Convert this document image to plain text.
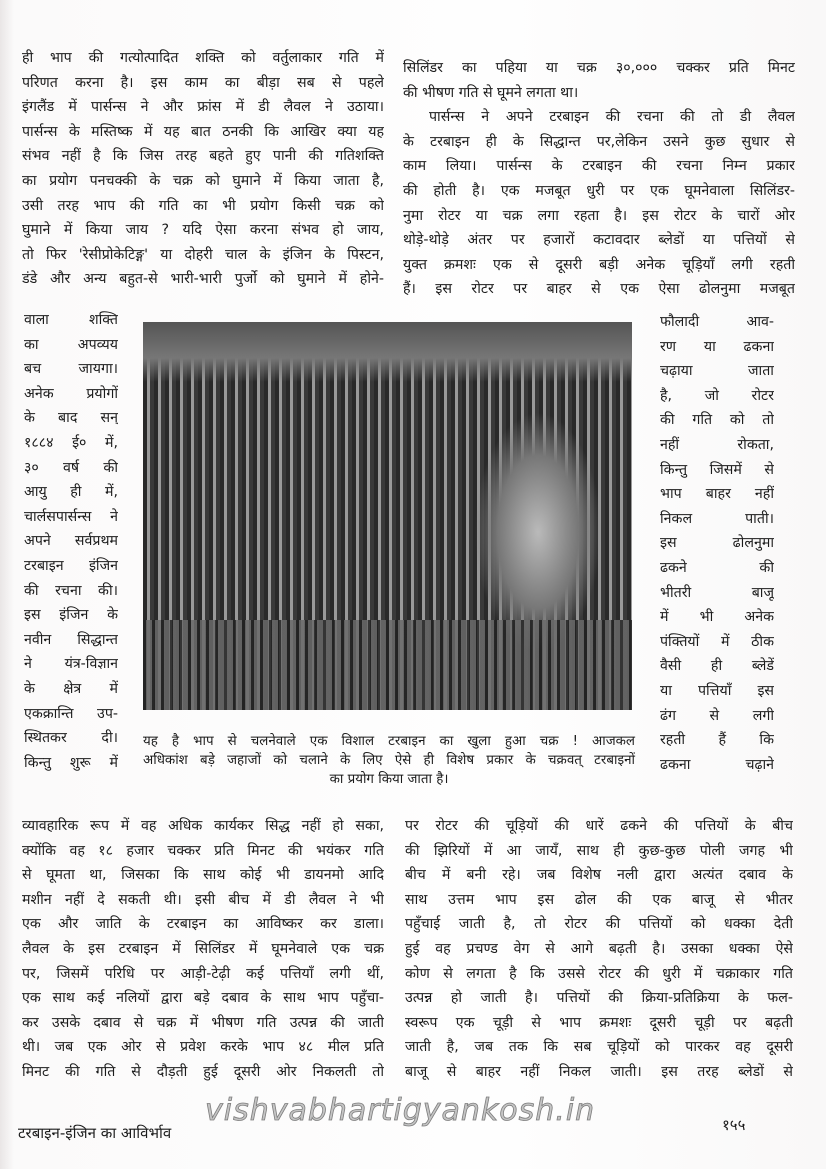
ही भाप की गत्योत्पादित शक्ति को वर्तुलाकार गति में
परिणत करना है। इस काम का बीड़ा सब से पहले
इंगलैंड में पार्सन्स ने और फ्रांस में डी लैवल ने उठाया।
पार्सन्स के मस्तिष्क में यह बात ठनकी कि आखिर क्या यह
संभव नहीं है कि जिस तरह बहते हुए पानी की गतिशक्ति
का प्रयोग पनचक्की के चक्र को घुमाने में किया जाता है,
उसी तरह भाप की गति का भी प्रयोग किसी चक्र को
घुमाने में किया जाय ? यदि ऐसा करना संभव हो जाय,
तो फिर 'रेसीप्रोकेटिङ्ग' या दोहरी चाल के इंजिन के पिस्टन,
डंडे और अन्य बहुत-से भारी-भारी पुर्जो को घुमाने में होने-
सिलिंडर का पहिया या चक्र ३०,००० चक्कर प्रति मिनट
की भीषण गति से घूमने लगता था।
पार्सन्स ने अपने टरबाइन की रचना की तो डी लैवल
के टरबाइन ही के सिद्धान्त पर,लेकिन उसने कुछ सुधार से
काम लिया। पार्सन्स के टरबाइन की रचना निम्न प्रकार
की होती है। एक मजबूत धुरी पर एक घूमनेवाला सिलिंडर-
नुमा रोटर या चक्र लगा रहता है। इस रोटर के चारों ओर
थोड़े-थोड़े अंतर पर हजारों कटावदार ब्लेडों या पत्तियों से
युक्त क्रमशः एक से दूसरी बड़ी अनेक चूड़ियाँ लगी रहती
हैं। इस रोटर पर बाहर से एक ऐसा ढोलनुमा मजबूत
वाला शक्ति
का अपव्यय
बच जायगा।
अनेक प्रयोगों
के बाद सन्
१८८४ ई० में,
३० वर्ष की
आयु ही में,
चार्लसपार्सन्स ने
अपने सर्वप्रथम
टरबाइन इंजिन
की रचना की।
इस इंजिन के
नवीन सिद्धान्त
ने यंत्र-विज्ञान
के क्षेत्र में
एकक्रान्ति उप-
स्थितकर दी।
किन्तु शुरू में
फौलादी आव-
रण या ढकना
चढ़ाया जाता
है, जो रोटर
की गति को तो
नहीं रोकता,
किन्तु जिसमें से
भाप बाहर नहीं
निकल पाती।
इस ढोलनुमा
ढकने की
भीतरी बाजू
में भी अनेक
पंक्तियों में ठीक
वैसी ही ब्लेडें
या पत्तियाँ इस
ढंग से लगी
रहती हैं कि
ढकना चढ़ाने
व्यावहारिक रूप में वह अधिक कार्यकर सिद्ध नहीं हो सका,
क्योंकि वह १८ हजार चक्कर प्रति मिनट की भयंकर गति
से घूमता था, जिसका कि साथ कोई भी डायनमो आदि
मशीन नहीं दे सकती थी। इसी बीच में डी लैवल ने भी
एक और जाति के टरबाइन का आविष्कर कर डाला।
लैवल के इस टरबाइन में सिलिंडर में घूमनेवाले एक चक्र
पर, जिसमें परिधि पर आड़ी-टेढ़ी कई पत्तियाँ लगी थीं,
एक साथ कई नलियों द्वारा बड़े दबाव के साथ भाप पहुँचा-
कर उसके दबाव से चक्र में भीषण गति उत्पन्न की जाती
थी। जब एक ओर से प्रवेश करके भाप ४८ मील प्रति
मिनट की गति से दौड़ती हुई दूसरी ओर निकलती तो
पर रोटर की चूड़ियों की धारें ढकने की पत्तियों के बीच
की झिरियों में आ जायँ, साथ ही कुछ-कुछ पोली जगह भी
बीच में बनी रहे। जब विशेष नली द्वारा अत्यंत दबाव के
साथ उत्तम भाप इस ढोल की एक बाजू से भीतर
पहुँचाई जाती है, तो रोटर की पत्तियों को धक्का देती
हुई वह प्रचण्ड वेग से आगे बढ़ती है। उसका धक्का ऐसे
कोण से लगता है कि उससे रोटर की धुरी में चक्राकार गति
उत्पन्न हो जाती है। पत्तियों की क्रिया-प्रतिक्रिया के फल-
स्वरूप एक चूड़ी से भाप क्रमशः दूसरी चूड़ी पर बढ़ती
जाती है, जब तक कि सब चूड़ियों को पारकर वह दूसरी
बाजू से बाहर नहीं निकल जाती। इस तरह ब्लेडों से
यह है भाप से चलनेवाले एक विशाल टरबाइन का खुला हुआ चक्र ! आजकल
अधिकांश बड़े जहाजों को चलाने के लिए ऐसे ही विशेष प्रकार के चक्रवत् टरबाइनों
का प्रयोग किया जाता है।
vishvabhartigyankosh.in
टरबाइन-इंजिन का आविर्भाव	१५५
